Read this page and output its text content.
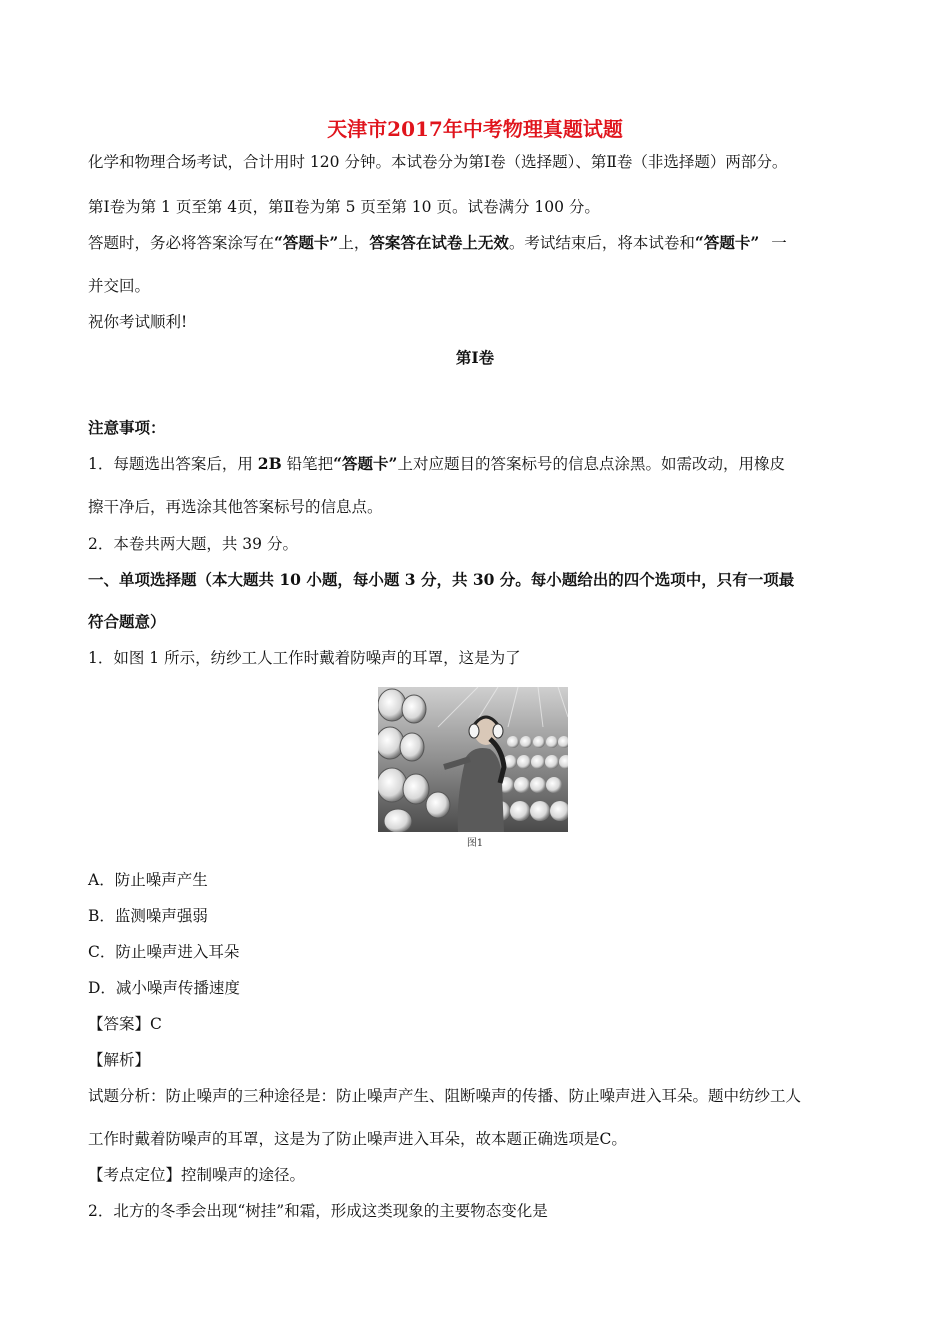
天津市2017年中考物理真题试题
化学和物理合场考试，合计用时 120 分钟。本试卷分为第Ⅰ卷（选择题）、第Ⅱ卷（非选择题）两部分。
第Ⅰ卷为第 1 页至第 4页，第Ⅱ卷为第 5 页至第 10 页。试卷满分 100 分。
答题时，务必将答案涂写在“答题卡”上，答案答在试卷上无效。考试结束后，将本试卷和“答题卡” 一
并交回。
祝你考试顺利!
第Ⅰ卷
注意事项：
1．每题选出答案后，用 2B 铅笔把“答题卡”上对应题目的答案标号的信息点涂黑。如需改动，用橡皮
擦干净后，再选涂其他答案标号的信息点。
2．本卷共两大题，共 39 分。
一、单项选择题（本大题共 10 小题，每小题 3 分，共 30 分。每小题给出的四个选项中，只有一项最
符合题意）
1．如图 1 所示，纺纱工人工作时戴着防噪声的耳罩，这是为了
图1
A．防止噪声产生
B．监测噪声强弱
C．防止噪声进入耳朵
D．减小噪声传播速度
【答案】C
【解析】
试题分析：防止噪声的三种途径是：防止噪声产生、阻断噪声的传播、防止噪声进入耳朵。题中纺纱工人
工作时戴着防噪声的耳罩，这是为了防止噪声进入耳朵，故本题正确选项是C。
【考点定位】控制噪声的途径。
2．北方的冬季会出现“树挂”和霜，形成这类现象的主要物态变化是
